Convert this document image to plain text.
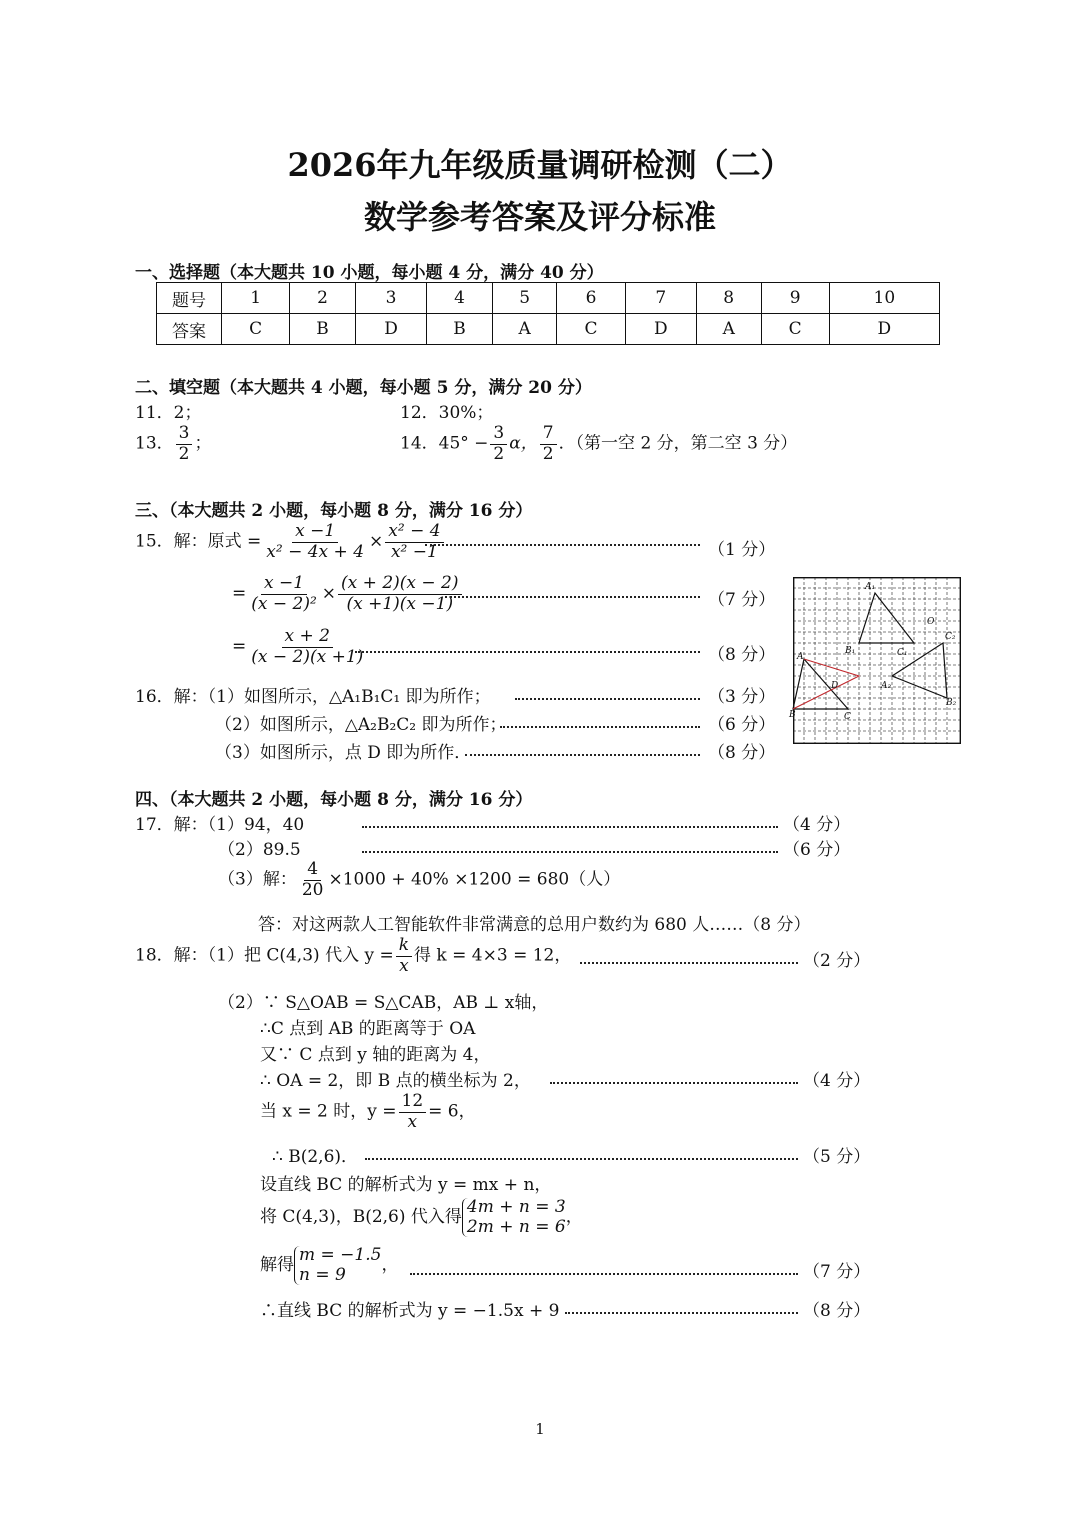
2026年九年级质量调研检测（二）
数学参考答案及评分标准
一、选择题（本大题共 10 小题，每小题 4 分，满分 40 分）
题号	1	2	3	4	5	6	7	8	9	10
答案	C	B	D	B	A	C	D	A	C	D
二、填空题（本大题共 4 小题，每小题 5 分，满分 20 分）
11．2；	12．30%；
13． $\frac{3}{2}$ ；	14．$45^\circ - \frac{3}{2}$ α， $\frac{7}{2}$ ．（第一空 2 分，第二空 3 分）
三、（本大题共 2 小题，每小题 8 分，满分 16 分）
15．解：原式 = $\frac{x -1}{\text{x² − 4x + 4}} \times \frac{\text{x² − 4}}{\text{x² −1}}$	（1 分）
= $\frac{x -1}{\text{(x − 2)²}} \times \frac{(x + 2)(x - 2)}{(x +1)(x -1)}$	（7 分）
= $\frac{x + 2}{(x - 2)(x +1)}$	（8 分）
16．解：（1）如图所示，△A₁B₁C₁ 即为所作；	（3 分）
（2）如图所示，△A₂B₂C₂ 即为所作；	（6 分）
（3）如图所示，点 D 即为所作．	（8 分）
A₁
O
C₂
B₁	C₁
A
A₂
D
B₂
B	C
四、（本大题共 2 小题，每小题 8 分，满分 16 分）
17．解：（1）94，40	（4 分）
（2）89.5	（6 分）
（3）解： $\frac{4}{20} \times 1000 + 40\% \times 1200 = 680$（人）
答：对这两款人工智能软件非常满意的总用户数约为 680 人……（8 分）
18．解：（1）把 C(4,3) 代入 $y = \frac{k}{x}$ 得 k = 4×3 = 12，	（2 分）
（2）∵ S△OAB = S△CAB，AB ⊥ x轴，
∴C 点到 AB 的距离等于 OA
又∵ C 点到 y 轴的距离为 4，
∴ OA = 2，即 B 点的横坐标为 2，	（4 分）
当 x = 2 时，$y = \frac{12}{x} = 6$，
∴ B(2,6)．	（5 分）
设直线 BC 的解析式为 y = mx + n，
将 C(4,3)，B(2,6) 代入得
4m + n = 3
2m + n = 6 ，
解得
m = −1.5
n = 9	，	（7 分）
∴直线 BC 的解析式为 y = −1.5x + 9	（8 分）
1
